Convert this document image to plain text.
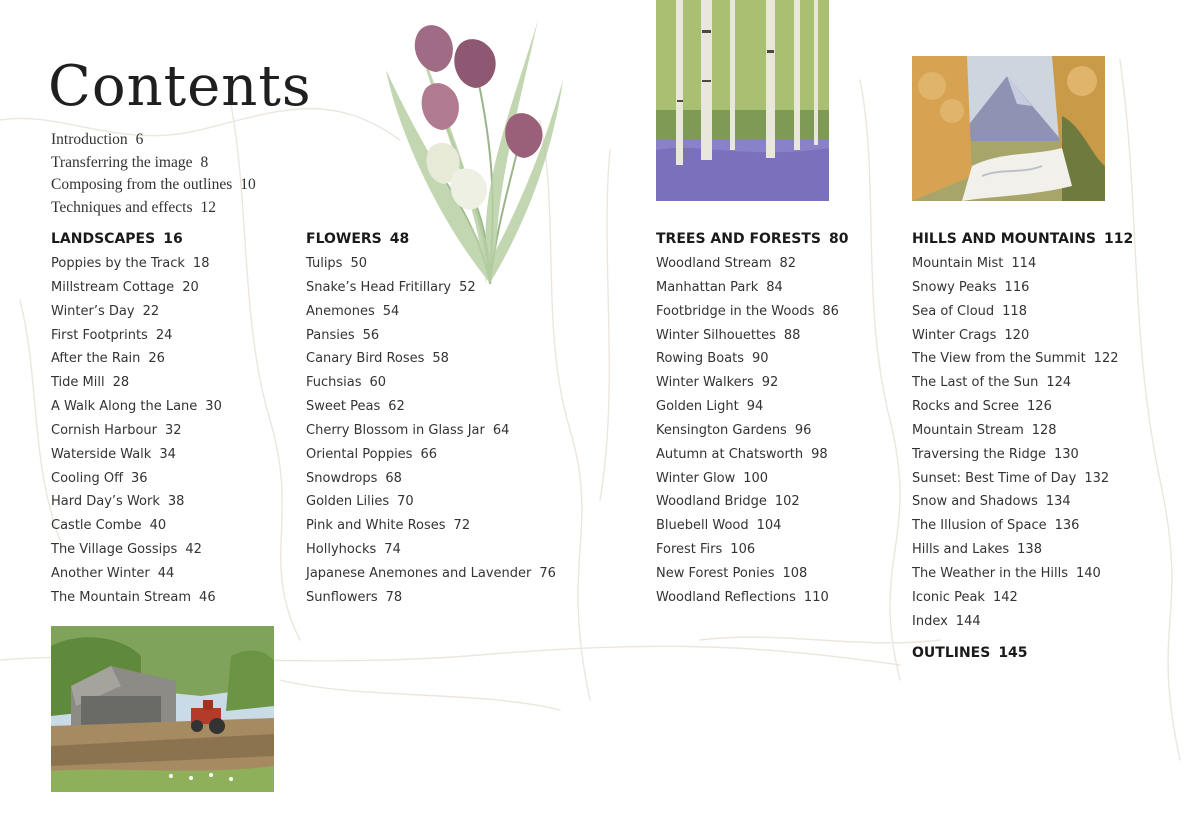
Contents
Introduction 6
Transferring the image 8
Composing from the outlines 10
Techniques and effects 12
LANDSCAPES 16
Poppies by the Track 18
Millstream Cottage 20
Winter’s Day 22
First Footprints 24
After the Rain 26
Tide Mill 28
A Walk Along the Lane 30
Cornish Harbour 32
Waterside Walk 34
Cooling Off 36
Hard Day’s Work 38
Castle Combe 40
The Village Gossips 42
Another Winter 44
The Mountain Stream 46
FLOWERS 48
Tulips 50
Snake’s Head Fritillary 52
Anemones 54
Pansies 56
Canary Bird Roses 58
Fuchsias 60
Sweet Peas 62
Cherry Blossom in Glass Jar 64
Oriental Poppies 66
Snowdrops 68
Golden Lilies 70
Pink and White Roses 72
Hollyhocks 74
Japanese Anemones and Lavender 76
Sunflowers 78
TREES AND FORESTS 80
Woodland Stream 82
Manhattan Park 84
Footbridge in the Woods 86
Winter Silhouettes 88
Rowing Boats 90
Winter Walkers 92
Golden Light 94
Kensington Gardens 96
Autumn at Chatsworth 98
Winter Glow 100
Woodland Bridge 102
Bluebell Wood 104
Forest Firs 106
New Forest Ponies 108
Woodland Reflections 110
HILLS AND MOUNTAINS 112
Mountain Mist 114
Snowy Peaks 116
Sea of Cloud 118
Winter Crags 120
The View from the Summit 122
The Last of the Sun 124
Rocks and Scree 126
Mountain Stream 128
Traversing the Ridge 130
Sunset: Best Time of Day 132
Snow and Shadows 134
The Illusion of Space 136
Hills and Lakes 138
The Weather in the Hills 140
Iconic Peak 142
Index 144
OUTLINES 145
